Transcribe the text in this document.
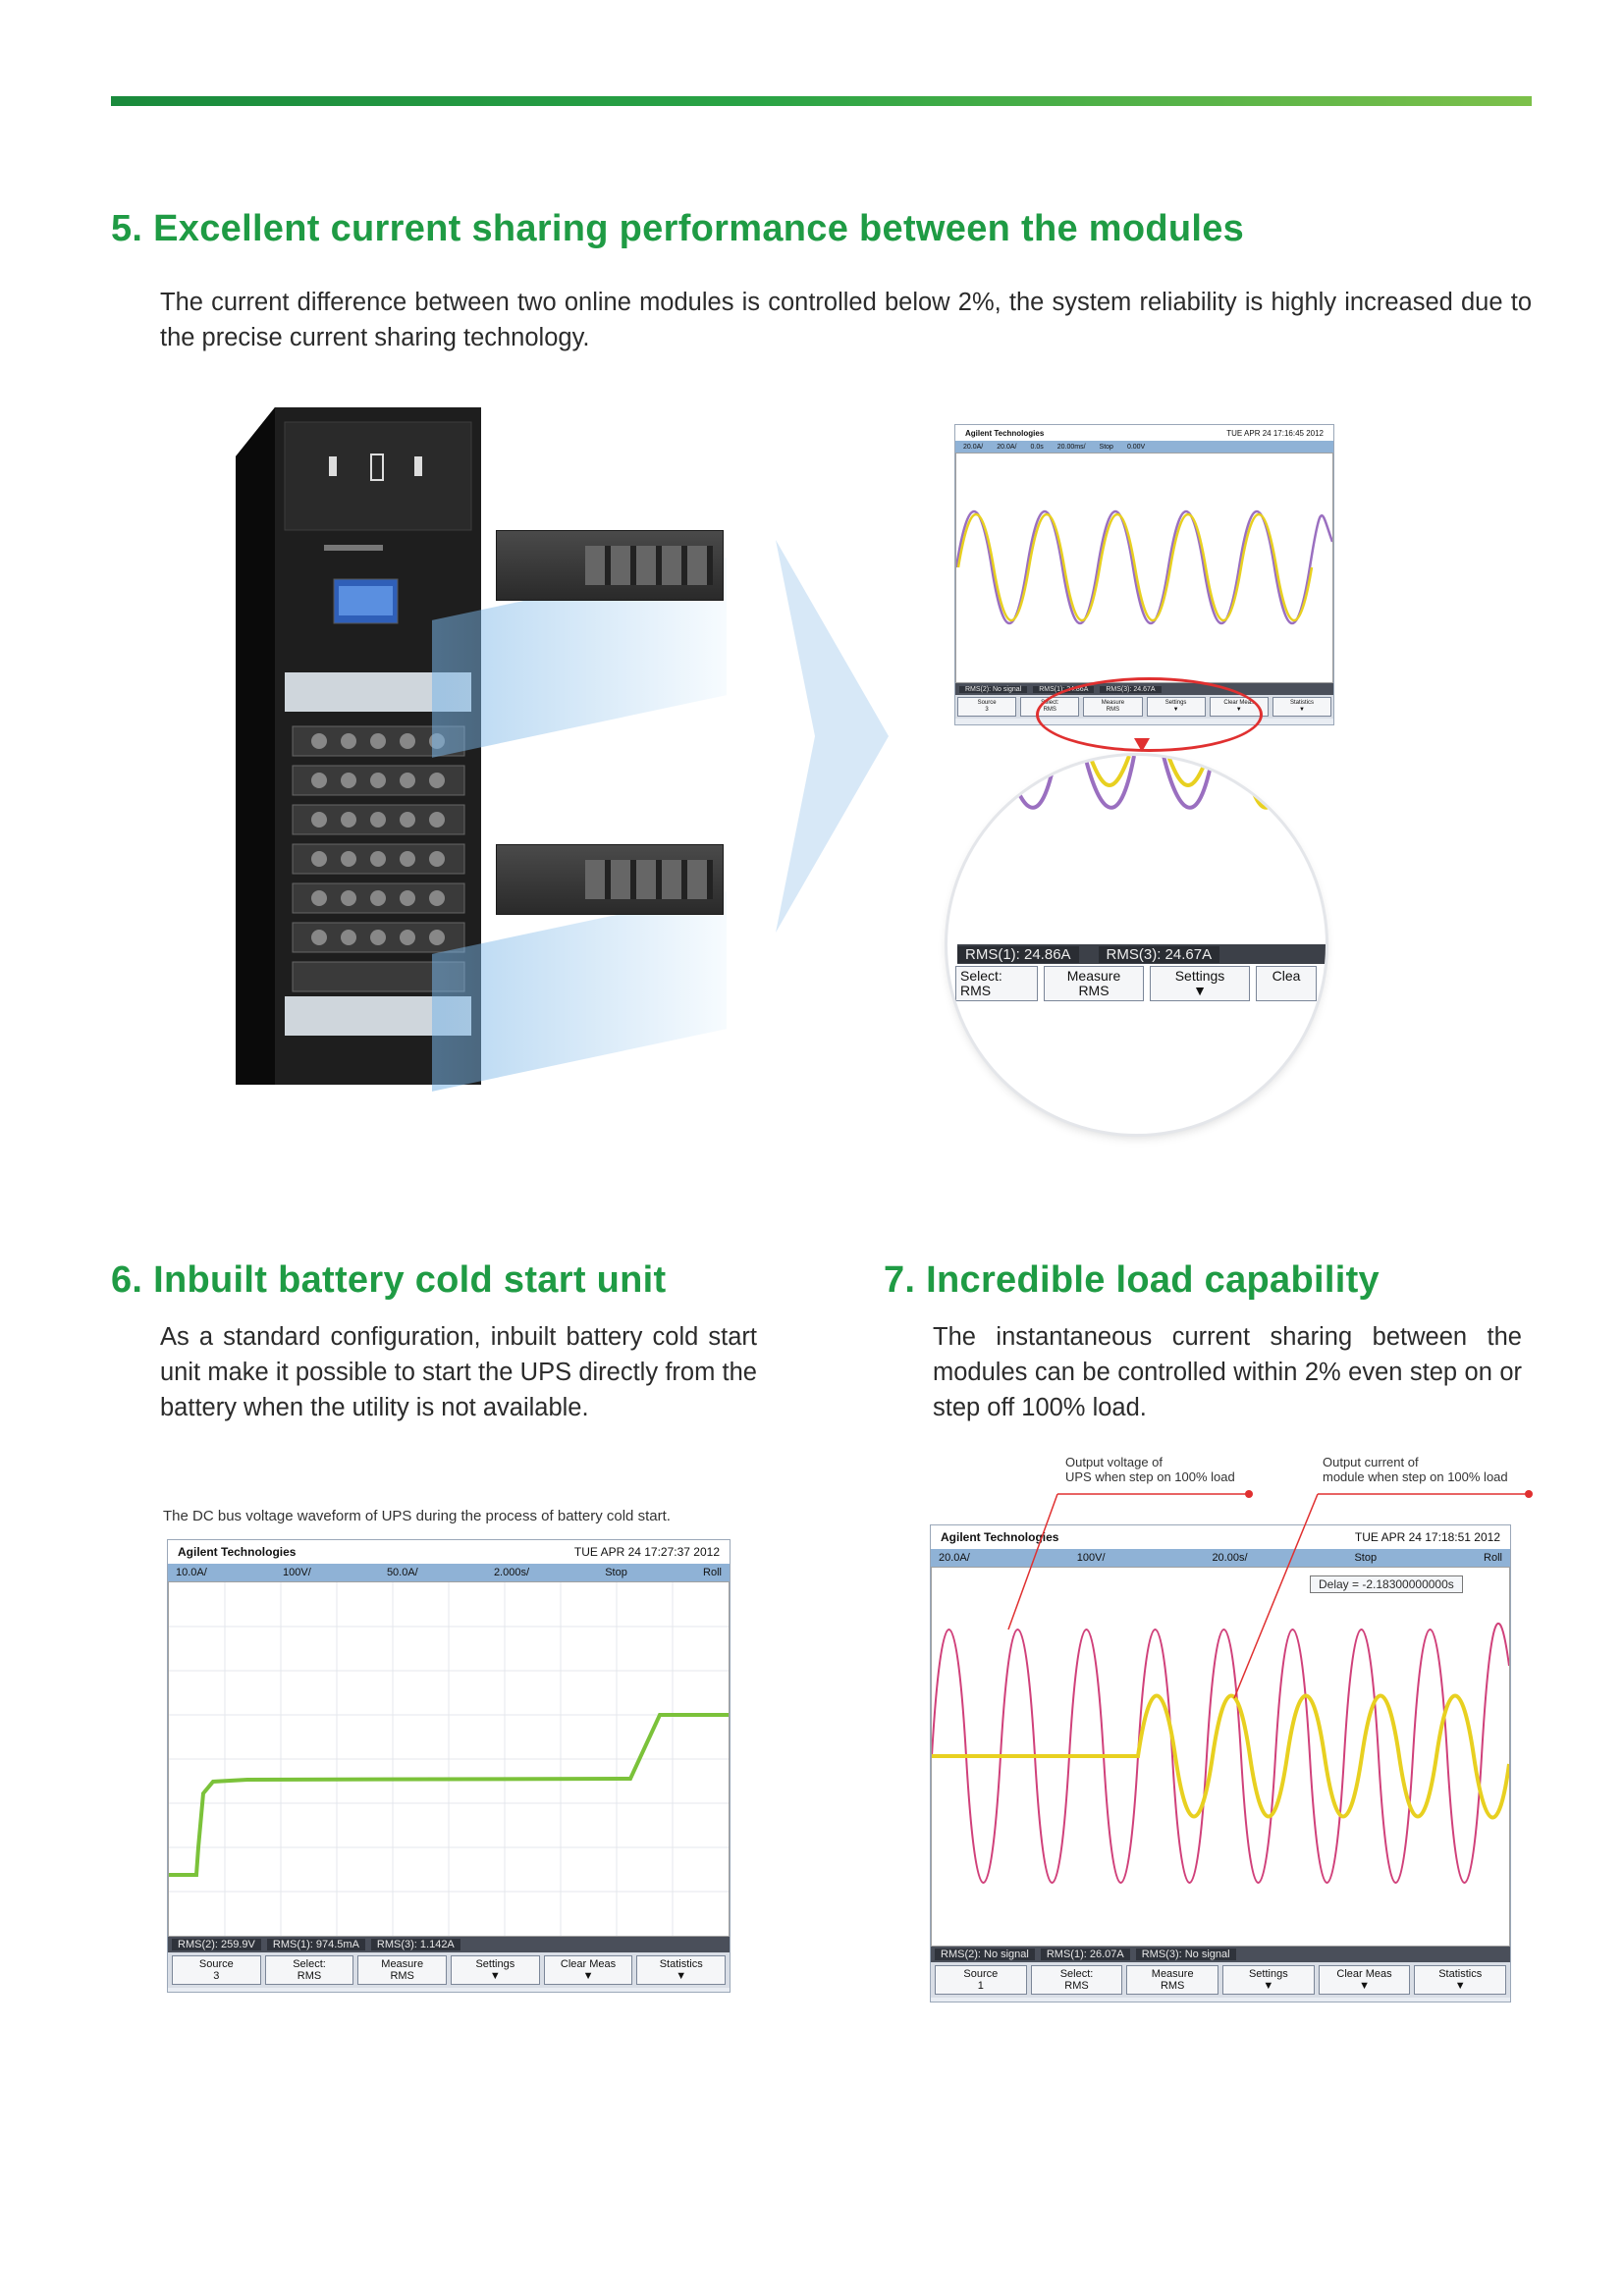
5. Excellent current sharing performance between the modules

The current difference between two online modules is controlled below 2%, the system reliability is highly increased due to the precise current sharing technology.

Agilent Technologies	TUE APR 24 17:16:45 2012
20.0A/ 20.0A/ 0.0s 20.00ms/ Stop 0.00V
RMS(2): No signal	RMS(1): 24.86A	RMS(3): 24.67A
Source
3
Select:
RMS
Measure
RMS
Settings
▼
Clear Meas
▼
Statistics
▼
RMS(1): 24.86A	RMS(3): 24.67A
Select:
RMS
Measure
RMS
Settings
▼
Clea
6. Inbuilt battery cold start unit

As a standard configuration, inbuilt battery cold start unit make it possible to start the UPS directly from the battery when the utility is not available.

The DC bus voltage waveform of UPS during the process of battery cold start.
Agilent Technologies	TUE APR 24 17:27:37 2012
10.0A/	100V/	50.0A/	2.000s/	Stop	Roll
RMS(2): 259.9V	RMS(1): 974.5mA	RMS(3): 1.142A
Source
3
Select:
RMS
Measure
RMS
Settings
▼
Clear Meas
▼
Statistics
▼
7. Incredible load capability

The instantaneous current sharing between the modules can be controlled within 2% even step on or step off 100% load.

Output voltage of
UPS when step on 100% load
Output current of
module when step on 100% load
Agilent Technologies	TUE APR 24 17:18:51 2012
20.0A/	100V/	20.00s/	Stop	Roll
Delay = -2.18300000000s
RMS(2): No signal	RMS(1): 26.07A	RMS(3): No signal
Source
1
Select:
RMS
Measure
RMS
Settings
▼
Clear Meas
▼
Statistics
▼
